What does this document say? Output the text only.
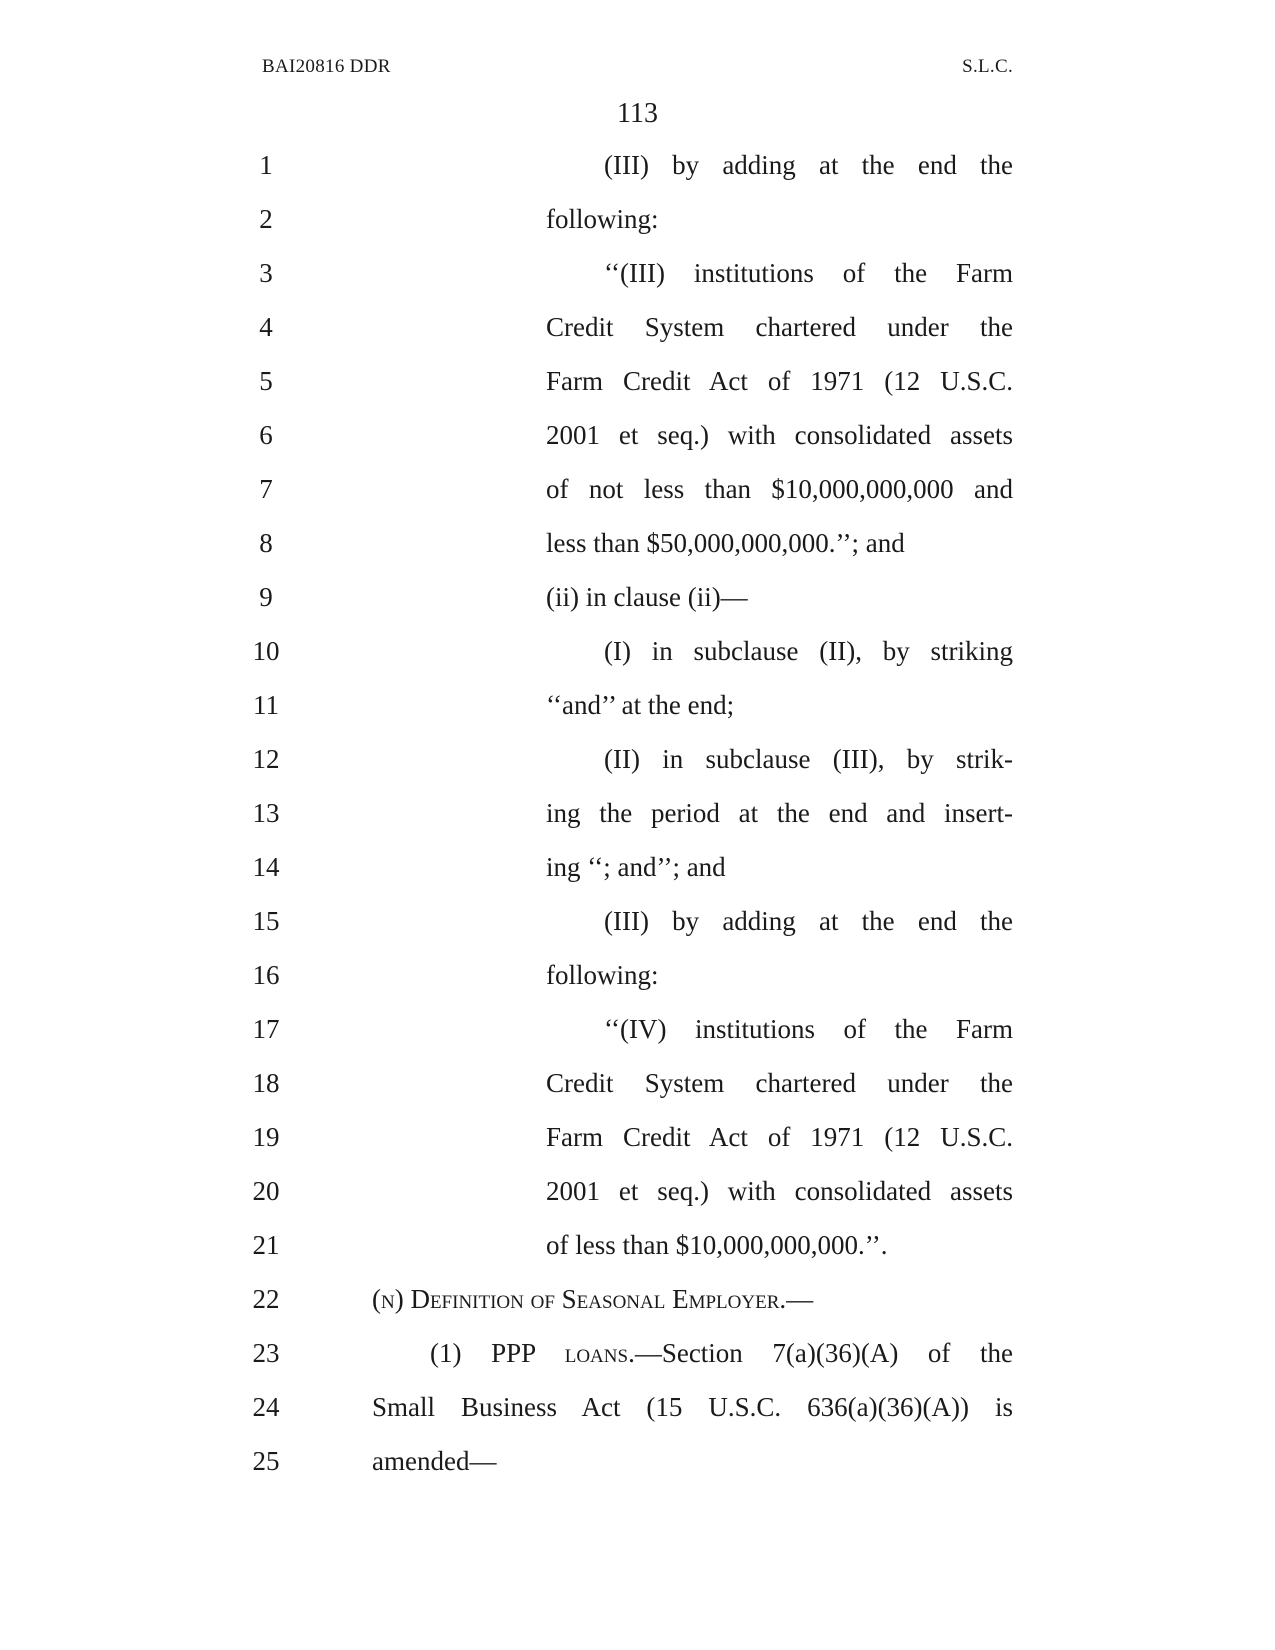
BAI20816 DDR	S.L.C.
113
1	(III) by adding at the end the
2	following:
3	‘‘(III) institutions of the Farm
4	Credit System chartered under the
5	Farm Credit Act of 1971 (12 U.S.C.
6	2001 et seq.) with consolidated assets
7	of not less than $10,000,000,000 and
8	less than $50,000,000,000.’’; and
9	(ii) in clause (ii)—
10	(I) in subclause (II), by striking
11	‘‘and’’ at the end;
12	(II) in subclause (III), by strik-
13	ing the period at the end and insert-
14	ing ‘‘; and’’; and
15	(III) by adding at the end the
16	following:
17	‘‘(IV) institutions of the Farm
18	Credit System chartered under the
19	Farm Credit Act of 1971 (12 U.S.C.
20	2001 et seq.) with consolidated assets
21	of less than $10,000,000,000.’’.
22	(n) Definition of Seasonal Employer.—
23	(1) PPP loans.—Section 7(a)(36)(A) of the
24	Small Business Act (15 U.S.C. 636(a)(36)(A)) is
25	amended—
